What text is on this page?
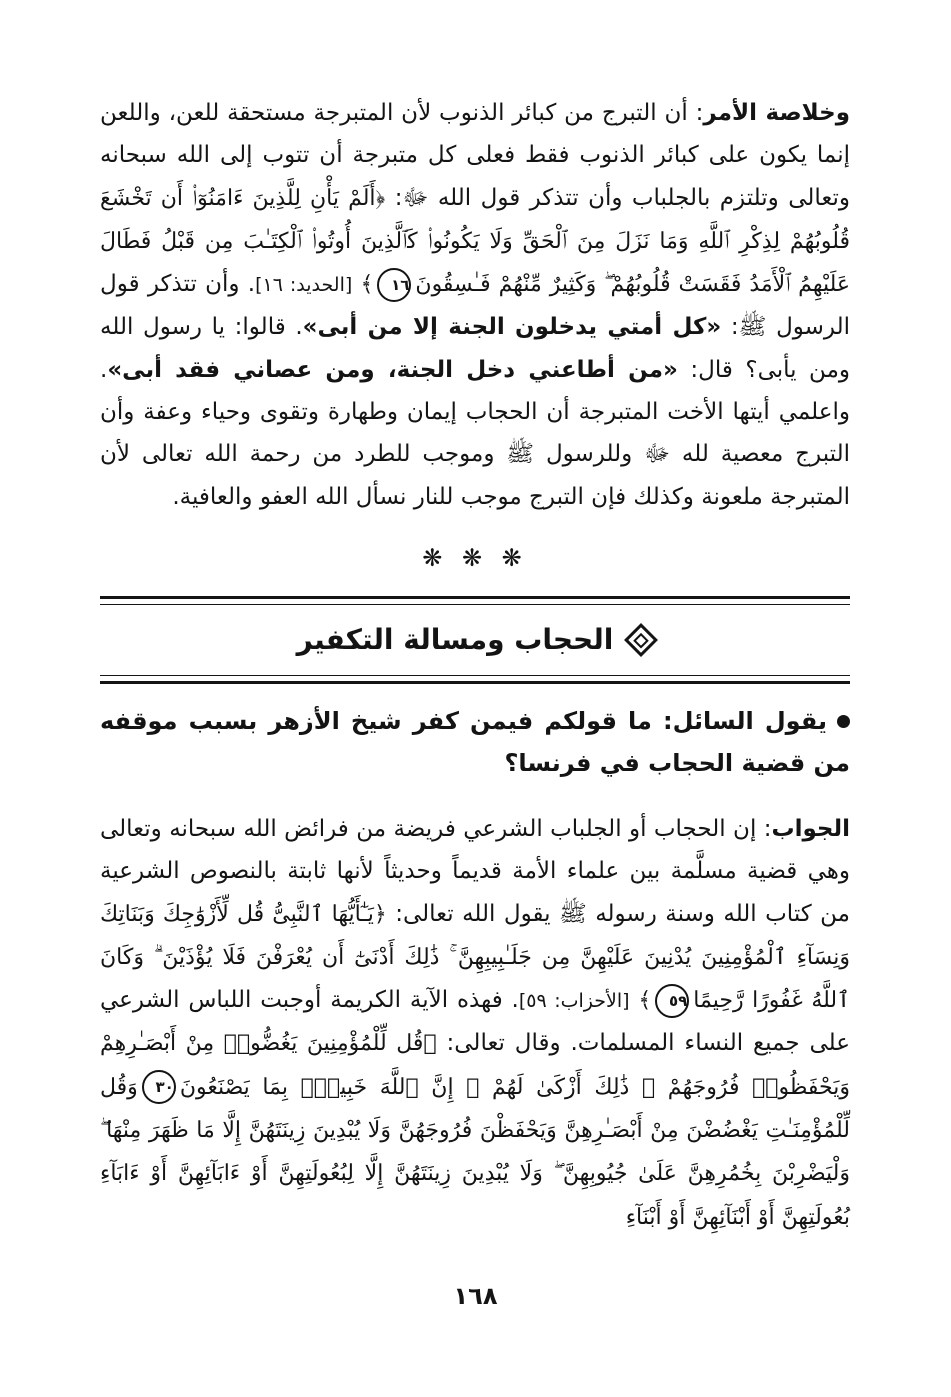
وخلاصة الأمر: أن التبرج من كبائر الذنوب لأن المتبرجة مستحقة للعن، واللعن إنما يكون على كبائر الذنوب فقط فعلى كل متبرجة أن تتوب إلى الله سبحانه وتعالى وتلتزم بالجلباب وأن تتذكر قول الله ﷻ: ﴿أَلَمْ يَأْنِ لِلَّذِينَ ءَامَنُوٓا۟ أَن تَخْشَعَ قُلُوبُهُمْ لِذِكْرِ ٱللَّهِ وَمَا نَزَلَ مِنَ ٱلْحَقِّ وَلَا يَكُونُوا۟ كَٱلَّذِينَ أُوتُوا۟ ٱلْكِتَـٰبَ مِن قَبْلُ فَطَالَ عَلَيْهِمُ ٱلْأَمَدُ فَقَسَتْ قُلُوبُهُمْ ۖ وَكَثِيرٌ مِّنْهُمْ فَـٰسِقُونَ١٦﴾ [الحديد: ١٦]. وأن تتذكر قول الرسول ﷺ: «كل أمتي يدخلون الجنة إلا من أبى». قالوا: يا رسول الله ومن يأبى؟ قال: «من أطاعني دخل الجنة، ومن عصاني فقد أبى». واعلمي أيتها الأخت المتبرجة أن الحجاب إيمان وطهارة وتقوى وحياء وعفة وأن التبرج معصية لله ﷻ وللرسول ﷺ وموجب للطرد من رحمة الله تعالى لأن المتبرجة ملعونة وكذلك فإن التبرج موجب للنار نسأل الله العفو والعافية.

❋ ❋ ❋
الحجاب ومسالة التكفير

يقول السائل: ما قولكم فيمن كفر شيخ الأزهر بسبب موقفه من قضية الحجاب في فرنسا؟

الجواب: إن الحجاب أو الجلباب الشرعي فريضة من فرائض الله سبحانه وتعالى وهي قضية مسلَّمة بين علماء الأمة قديماً وحديثاً لأنها ثابتة بالنصوص الشرعية من كتاب الله وسنة رسوله ﷺ يقول الله تعالى: ﴿يَـٰٓأَيُّهَا ٱلنَّبِىُّ قُل لِّأَزْوَٰجِكَ وَبَنَاتِكَ وَنِسَآءِ ٱلْمُؤْمِنِينَ يُدْنِينَ عَلَيْهِنَّ مِن جَلَـٰبِيبِهِنَّ ۚ ذَٰلِكَ أَدْنَىٰٓ أَن يُعْرَفْنَ فَلَا يُؤْذَيْنَ ۗ وَكَانَ ٱللَّهُ غَفُورًا رَّحِيمًا٥٩﴾ [الأحزاب: ٥٩]. فهذه الآية الكريمة أوجبت اللباس الشرعي على جميع النساء المسلمات. وقال تعالى: ﴿قُل لِّلْمُؤْمِنِينَ يَغُضُّوا۟ مِنْ أَبْصَـٰرِهِمْ وَيَحْفَظُوا۟ فُرُوجَهُمْ ۚ ذَٰلِكَ أَزْكَىٰ لَهُمْ ۗ إِنَّ ٱللَّهَ خَبِيرٌۢ بِمَا يَصْنَعُونَ٣٠وَقُل لِّلْمُؤْمِنَـٰتِ يَغْضُضْنَ مِنْ أَبْصَـٰرِهِنَّ وَيَحْفَظْنَ فُرُوجَهُنَّ وَلَا يُبْدِينَ زِينَتَهُنَّ إِلَّا مَا ظَهَرَ مِنْهَا ۖ وَلْيَضْرِبْنَ بِخُمُرِهِنَّ عَلَىٰ جُيُوبِهِنَّ ۖ وَلَا يُبْدِينَ زِينَتَهُنَّ إِلَّا لِبُعُولَتِهِنَّ أَوْ ءَابَآئِهِنَّ أَوْ ءَابَآءِ بُعُولَتِهِنَّ أَوْ أَبْنَآئِهِنَّ أَوْ أَبْنَآءِ

١٦٨
